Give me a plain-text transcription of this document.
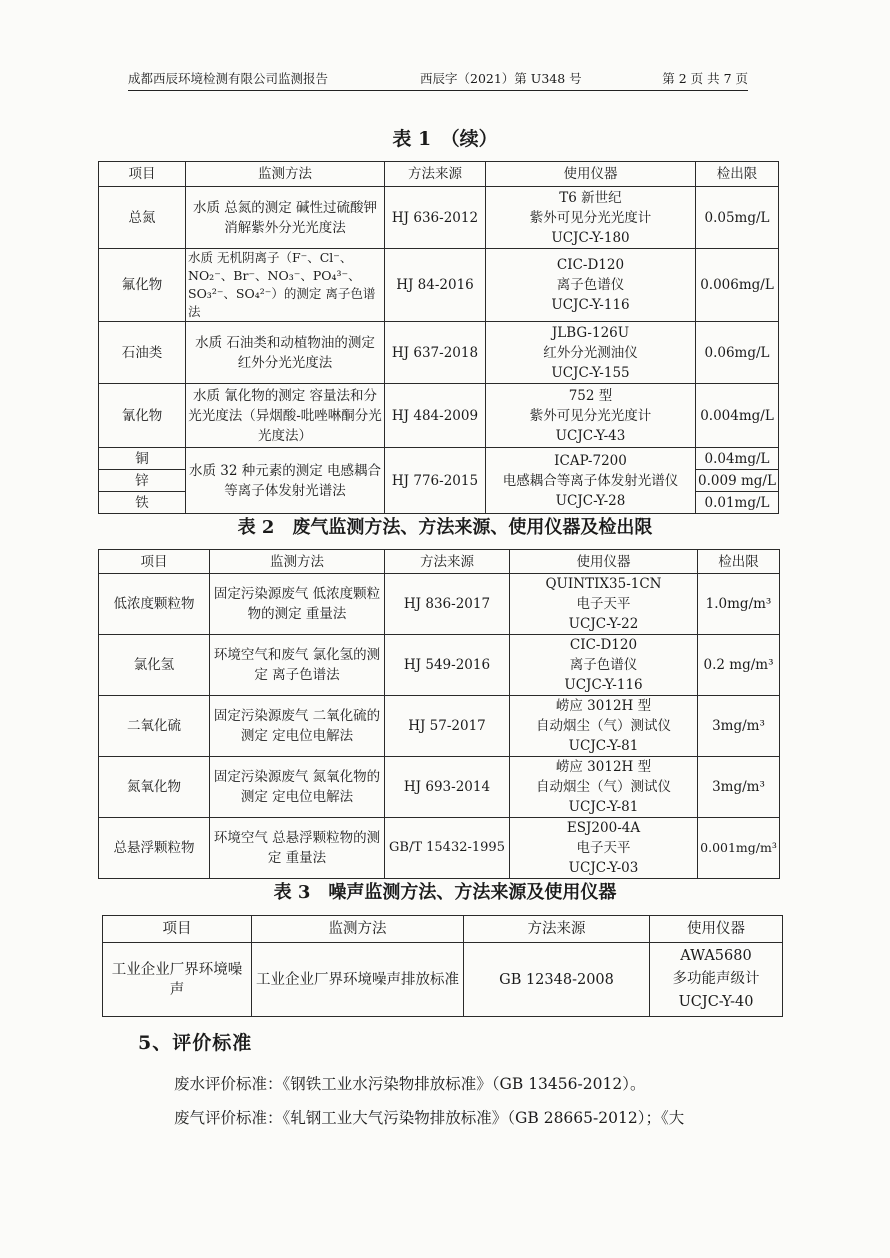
成都西辰环境检测有限公司监测报告	西辰字（2021）第 U348 号	第 2 页 共 7 页
表 1　（续）
项目	监测方法	方法来源	使用仪器	检出限
总氮	水质 总氮的测定 碱性过硫酸钾消解紫外分光光度法	HJ 636-2012	T6 新世纪
紫外可见分光光度计
UCJC-Y-180	0.05mg/L
氟化物	水质 无机阴离子（F⁻、Cl⁻、NO₂⁻、Br⁻、NO₃⁻、PO₄³⁻、SO₃²⁻、SO₄²⁻）的测定 离子色谱法	HJ 84-2016	CIC-D120
离子色谱仪
UCJC-Y-116	0.006mg/L
石油类	水质 石油类和动植物油的测定 红外分光光度法	HJ 637-2018	JLBG-126U
红外分光测油仪
UCJC-Y-155	0.06mg/L
氰化物	水质 氰化物的测定 容量法和分光光度法（异烟酸-吡唑啉酮分光光度法）	HJ 484-2009	752 型
紫外可见分光光度计
UCJC-Y-43	0.004mg/L
铜	水质 32 种元素的测定 电感耦合等离子体发射光谱法	HJ 776-2015	ICAP-7200
电感耦合等离子体发射光谱仪
UCJC-Y-28	0.04mg/L
锌				0.009 mg/L
铁				0.01mg/L
表 2　废气监测方法、方法来源、使用仪器及检出限
项目	监测方法	方法来源	使用仪器	检出限
低浓度颗粒物	固定污染源废气 低浓度颗粒物的测定 重量法	HJ 836-2017	QUINTIX35-1CN
电子天平
UCJC-Y-22	1.0mg/m³
氯化氢	环境空气和废气 氯化氢的测定 离子色谱法	HJ 549-2016	CIC-D120
离子色谱仪
UCJC-Y-116	0.2 mg/m³
二氧化硫	固定污染源废气 二氧化硫的测定 定电位电解法	HJ 57-2017	崂应 3012H 型
自动烟尘（气）测试仪
UCJC-Y-81	3mg/m³
氮氧化物	固定污染源废气 氮氧化物的测定 定电位电解法	HJ 693-2014	崂应 3012H 型
自动烟尘（气）测试仪
UCJC-Y-81	3mg/m³
总悬浮颗粒物	环境空气 总悬浮颗粒物的测定 重量法	GB/T 15432-1995	ESJ200-4A
电子天平
UCJC-Y-03	0.001mg/m³
表 3　噪声监测方法、方法来源及使用仪器
项目	监测方法	方法来源	使用仪器
工业企业厂界环境噪声	工业企业厂界环境噪声排放标准	GB 12348-2008	AWA5680
多功能声级计
UCJC-Y-40
5、评价标准
废水评价标准：《钢铁工业水污染物排放标准》（GB 13456-2012）。
废气评价标准：《轧钢工业大气污染物排放标准》（GB 28665-2012）；《大
